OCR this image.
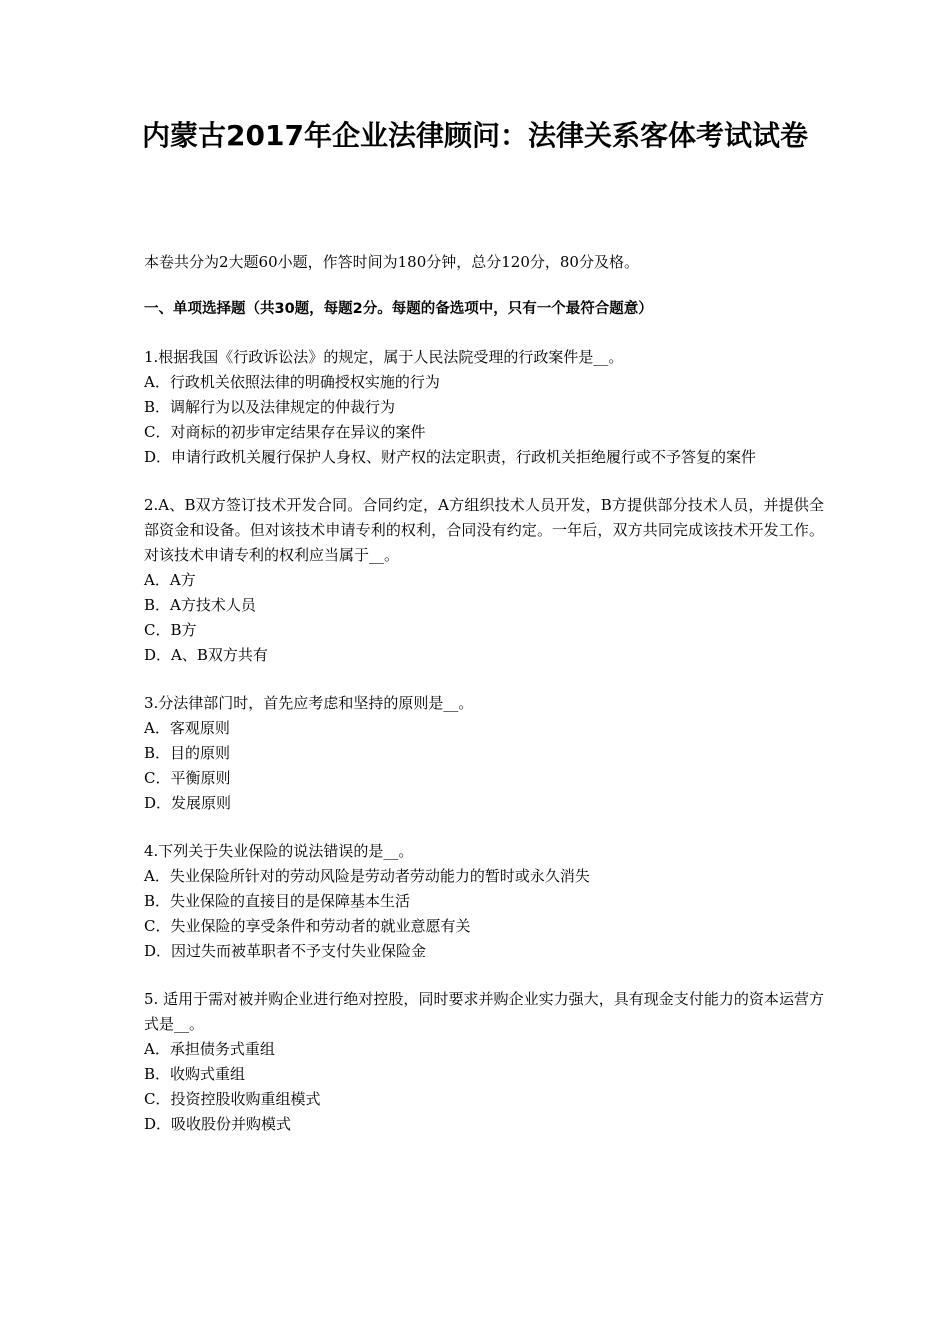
内蒙古2017年企业法律顾问：法律关系客体考试试卷

本卷共分为2大题60小题，作答时间为180分钟，总分120分，80分及格。

一、单项选择题（共30题，每题2分。每题的备选项中，只有一个最符合题意）

1.根据我国《行政诉讼法》的规定，属于人民法院受理的行政案件是__。

A．行政机关依照法律的明确授权实施的行为

B．调解行为以及法律规定的仲裁行为

C．对商标的初步审定结果存在异议的案件

D．申请行政机关履行保护人身权、财产权的法定职责，行政机关拒绝履行或不予答复的案件

2.A、B双方签订技术开发合同。合同约定，A方组织技术人员开发，B方提供部分技术人员，并提供全部资金和设备。但对该技术申请专利的权利，合同没有约定。一年后，双方共同完成该技术开发工作。对该技术申请专利的权利应当属于__。

A．A方

B．A方技术人员

C．B方

D．A、B双方共有

3.分法律部门时，首先应考虑和坚持的原则是__。

A．客观原则

B．目的原则

C．平衡原则

D．发展原则

4.下列关于失业保险的说法错误的是__。

A．失业保险所针对的劳动风险是劳动者劳动能力的暂时或永久消失

B．失业保险的直接目的是保障基本生活

C．失业保险的享受条件和劳动者的就业意愿有关

D．因过失而被革职者不予支付失业保险金

5. 适用于需对被并购企业进行绝对控股，同时要求并购企业实力强大，具有现金支付能力的资本运营方式是__。

A．承担债务式重组

B．收购式重组

C．投资控股收购重组模式

D．吸收股份并购模式
